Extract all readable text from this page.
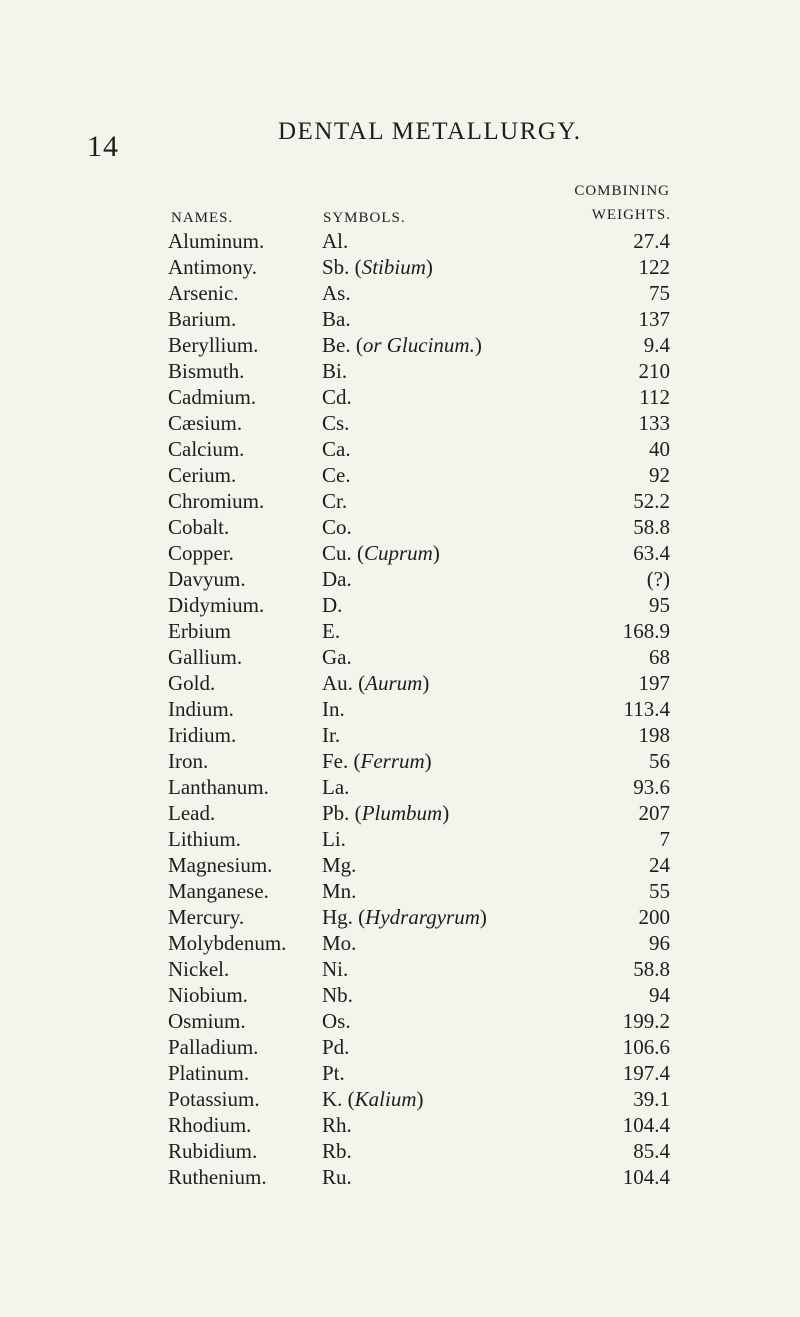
14	DENTAL METALLURGY.
NAMES.	SYMBOLS.
COMBINING
WEIGHTS.
Aluminum.	Al.	27.4
Antimony.	Sb. (Stibium)	122
Arsenic.	As.	75
Barium.	Ba.	137
Beryllium.	Be. (or Glucinum.)	9.4
Bismuth.	Bi.	210
Cadmium.	Cd.	112
Cæsium.	Cs.	133
Calcium.	Ca.	40
Cerium.	Ce.	92
Chromium.	Cr.	52.2
Cobalt.	Co.	58.8
Copper.	Cu. (Cuprum)	63.4
Davyum.	Da.	(?)
Didymium.	D.	95
Erbium	E.	168.9
Gallium.	Ga.	68
Gold.	Au. (Aurum)	197
Indium.	In.	113.4
Iridium.	Ir.	198
Iron.	Fe. (Ferrum)	56
Lanthanum.	La.	93.6
Lead.	Pb. (Plumbum)	207
Lithium.	Li.	7
Magnesium. Mg.	24
Manganese.	Mn.	55
Mercury.	Hg. (Hydrargyrum)	200
Molybdenum. Mo.	96
Nickel.	Ni.	58.8
Niobium.	Nb.	94
Osmium.	Os.	199.2
Palladium.	Pd.	106.6
Platinum.	Pt.	197.4
Potassium.	K. (Kalium)	39.1
Rhodium.	Rh.	104.4
Rubidium.	Rb.	85.4
Ruthenium.	Ru.	104.4
